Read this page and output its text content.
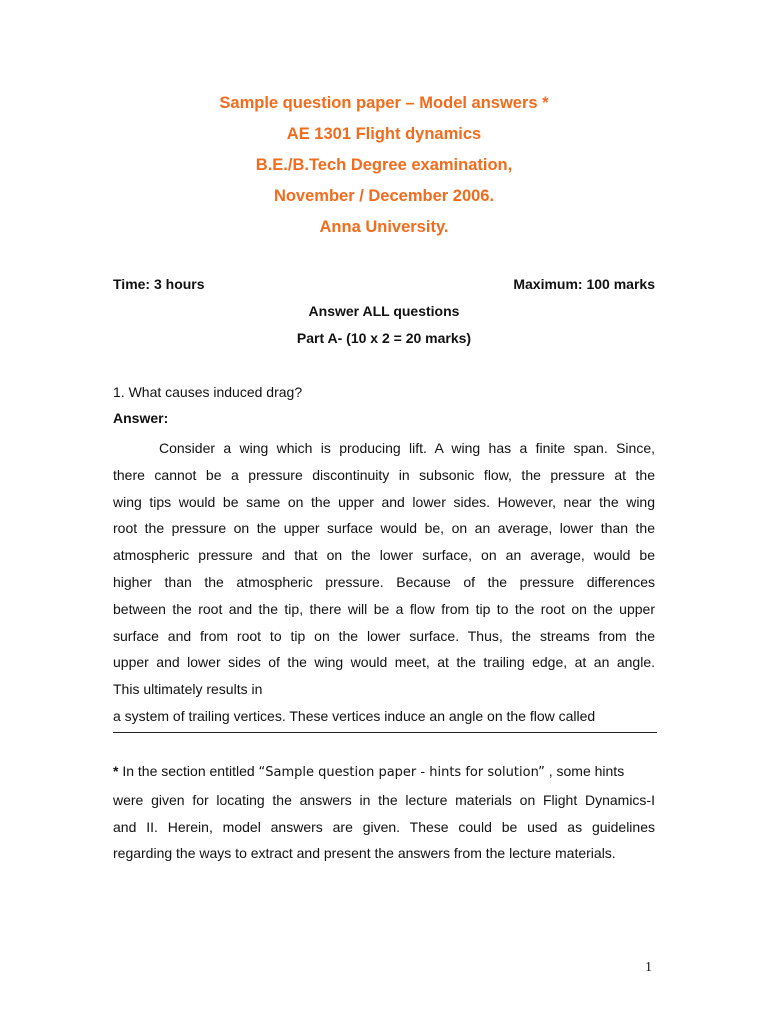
Sample question paper – Model answers *
AE 1301 Flight dynamics
B.E./B.Tech Degree examination,
November / December 2006.
Anna University.
Time: 3 hours	Maximum: 100 marks
Answer ALL questions
Part A- (10 x 2 = 20 marks)
1. What causes induced drag?
Answer:
Consider a wing which is producing lift. A wing has a finite span. Since,
there cannot be a pressure discontinuity in subsonic flow, the pressure at the
wing tips would be same on the upper and lower sides. However, near the wing
root the pressure on the upper surface would be, on an average, lower than the
atmospheric pressure and that on the lower surface, on an average, would be
higher than the atmospheric pressure. Because of the pressure differences
between the root and the tip, there will be a flow from tip to the root on the upper
surface and from root to tip on the lower surface. Thus, the streams from the
upper and lower sides of the wing would meet, at the trailing edge, at an angle.
This ultimately results in
a system of trailing vertices. These vertices induce an angle on the flow called
* In the section entitled “Sample question paper - hints for solution” , some hints
were given for locating the answers in the lecture materials on Flight Dynamics-I
and II. Herein, model answers are given. These could be used as guidelines
regarding the ways to extract and present the answers from the lecture materials.
1
